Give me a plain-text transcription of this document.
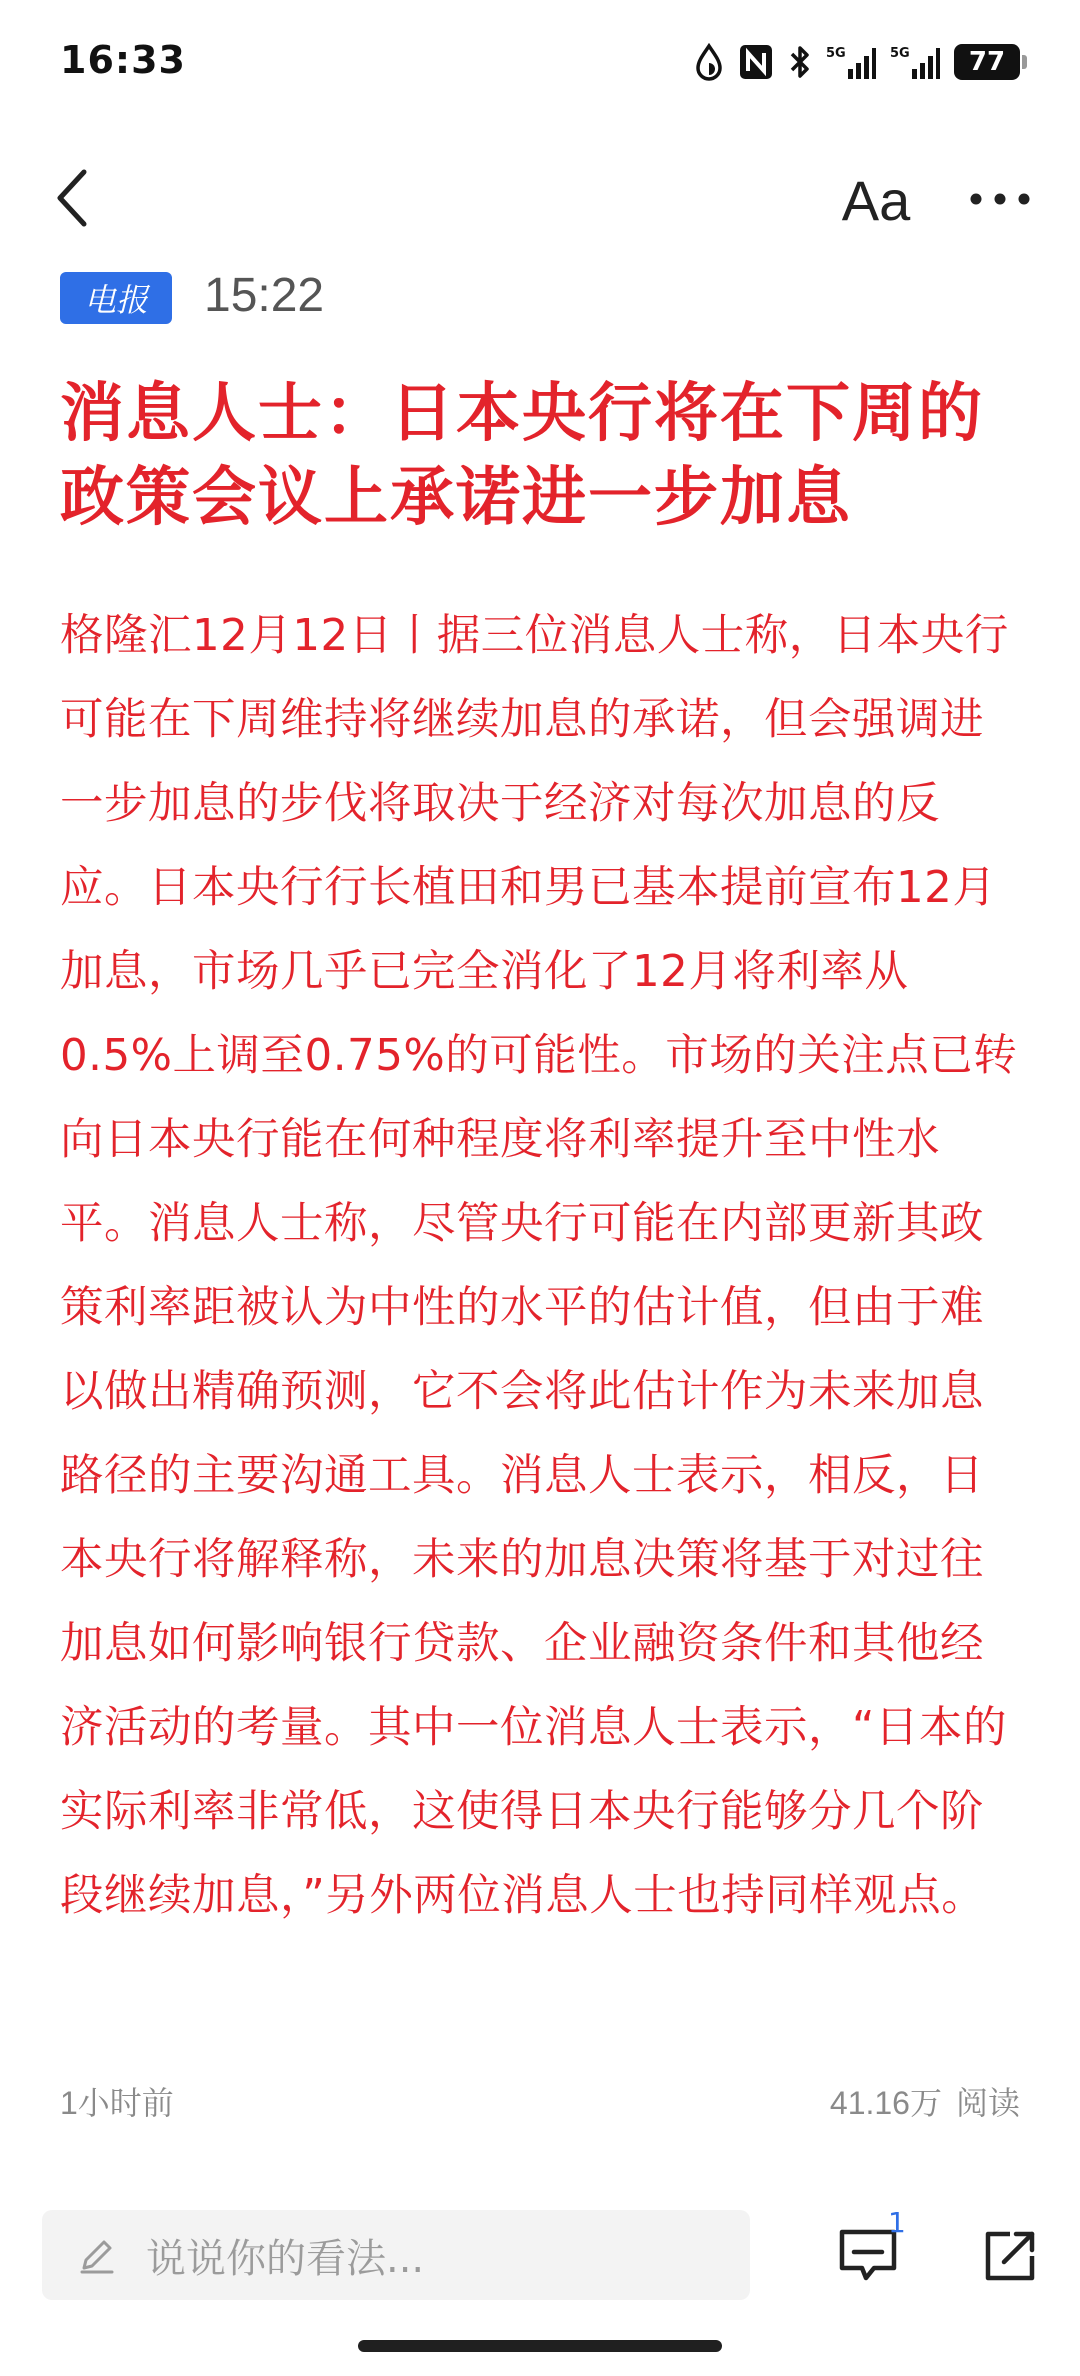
16:33	5G	5G 77
Aa
电报	15:22
消息人士：日本央行将在下周的政策会议上承诺进一步加息

格隆汇12月12日丨据三位消息人士称，日本央行可能在下周维持将继续加息的承诺，但会强调进一步加息的步伐将取决于经济对每次加息的反应。日本央行行长植田和男已基本提前宣布12月加息，市场几乎已完全消化了12月将利率从0.5%上调至0.75%的可能性。市场的关注点已转向日本央行能在何种程度将利率提升至中性水平。消息人士称，尽管央行可能在内部更新其政策利率距被认为中性的水平的估计值，但由于难以做出精确预测，它不会将此估计作为未来加息路径的主要沟通工具。消息人士表示，相反，日本央行将解释称，未来的加息决策将基于对过往加息如何影响银行贷款、企业融资条件和其他经济活动的考量。其中一位消息人士表示，“日本的实际利率非常低，这使得日本央行能够分几个阶段继续加息，”另外两位消息人士也持同样观点。

1小时前	41.16万 阅读
说说你的看法...
1
